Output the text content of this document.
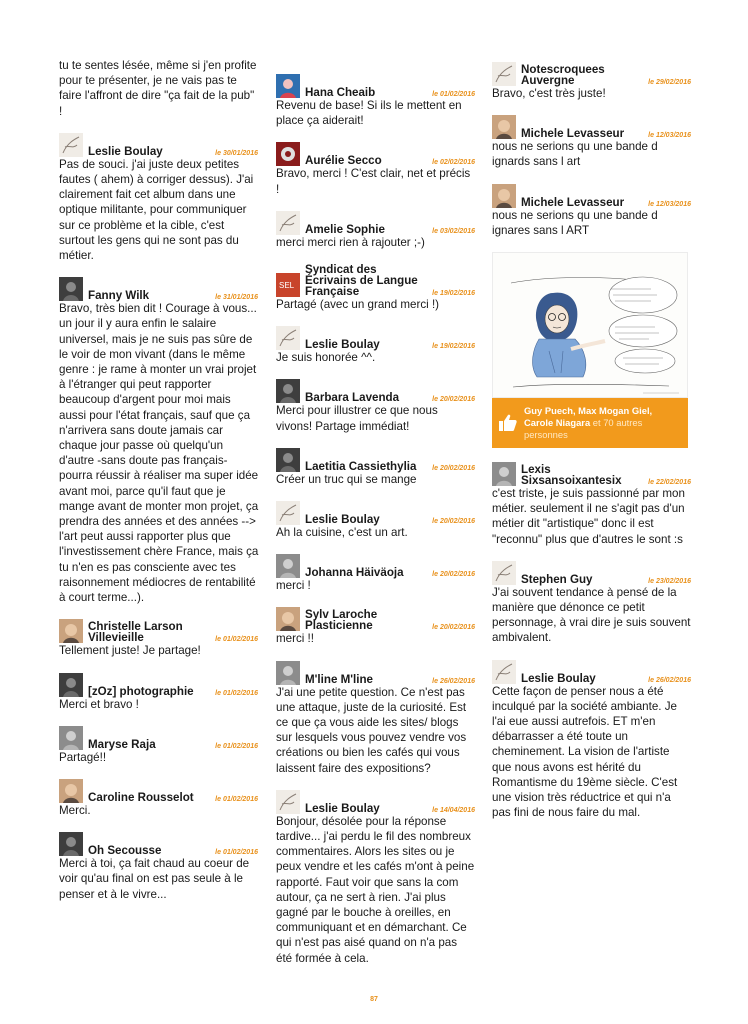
tu te sentes lésée, même si j'en profite pour te présenter, je ne vais pas te faire l'affront de dire "ça fait de la pub" !

Leslie Boulay	le 30/01/2016

Pas de souci. j'ai juste deux petites fautes ( ahem) à corriger dessus). J'ai clairement fait cet album dans une optique militante, pour communiquer sur ce problème et la cible, c'est surtout les gens qui ne sont pas du métier.

Fanny Wilk	le 31/01/2016

Bravo, très bien dit ! Courage à vous... un jour il y aura enfin le salaire universel, mais je ne suis pas sûre de le voir de mon vivant (dans le même genre : je rame à monter un vrai projet à l'étranger qui peut rapporter beaucoup d'argent pour moi mais aussi pour l'état français, sauf que ça n'arrivera sans doute jamais car chaque jour passe où quelqu'un d'autre -sans doute pas français- pourra réussir à réaliser ma super idée avant moi, parce qu'il faut que je mange avant de monter mon projet, ça prendra des années et des années --> l'art peut aussi rapporter plus que l'investissement chère France, mais ça tu n'en es pas consciente avec tes raisonnement médiocres de rentabilité à court terme...).

Christelle Larson Villevieille	le 01/02/2016

Tellement juste! Je partage!

[zOz] photographie	le 01/02/2016

Merci et bravo !

Maryse Raja	le 01/02/2016

Partagé!!

Caroline Rousselot	le 01/02/2016

Merci.

Oh Secousse	le 01/02/2016

Merci à toi, ça fait chaud au coeur de voir qu'au final on est pas seule à le penser et à le vivre...

Hana Cheaib	le 01/02/2016

Revenu de base! Si ils le mettent en place ça aiderait!

Aurélie Secco	le 02/02/2016

Bravo, merci ! C'est clair, net et précis !

Amelie Sophie	le 03/02/2016

merci merci rien à rajouter ;-)

SEL
Syndicat des Écrivains de Langue Française	le 19/02/2016

Partagé (avec un grand merci !)

Leslie Boulay	le 19/02/2016

Je suis honorée ^^.

Barbara Lavenda	le 20/02/2016

Merci pour illustrer ce que nous vivons! Partage immédiat!

Laetitia Cassiethylia	le 20/02/2016

Créer un truc qui se mange

Leslie Boulay	le 20/02/2016

Ah la cuisine, c'est un art.

Johanna Häiväoja	le 20/02/2016

merci !

Sylv Laroche Plasticienne	le 20/02/2016

merci !!

M'line M'line	le 26/02/2016

J'ai une petite question. Ce n'est pas une attaque, juste de la curiosité. Est ce que ça vous aide les sites/ blogs sur lesquels vous pouvez vendre vos créations ou bien les cafés qui vous laissent faire des expositions?

Leslie Boulay	le 14/04/2016

Bonjour, désolée pour la réponse tardive... j'ai perdu le fil des nombreux commentaires. Alors les sites ou je peux vendre et les cafés m'ont à peine rapporté. Faut voir que sans la com autour, ça ne sert à rien. J'ai plus gagné par le bouche à oreilles, en communiquant et en démarchant. Ce qui n'est pas aisé quand on n'a pas été formée à cela.

Notescroquees Auvergne	le 29/02/2016

Bravo, c'est très juste!

Michele Levasseur	le 12/03/2016

nous ne serions qu une bande d ignards sans l art

Michele Levasseur	le 12/03/2016

nous ne serions qu une bande d ignares sans l ART

Guy Puech, Max Mogan Giel, Carole Niagara et 70 autres personnes
Lexis Sixsansoixantesix	le 22/02/2016

c'est triste, je suis passionné par mon métier. seulement il ne s'agit pas d'un métier dit "artistique" donc il est "reconnu" plus que d'autres le sont :s

Stephen Guy	le 23/02/2016

J'ai souvent tendance à pensé de la manière que dénonce ce petit personnage, à vrai dire je suis souvent ambivalent.

Leslie Boulay	le 26/02/2016

Cette façon de penser nous a été inculqué par la société ambiante. Je l'ai eue aussi autrefois. ET m'en débarrasser a été toute un cheminement. La vision de l'artiste que nous avons est hérité du Romantisme du 19ème siècle. C'est une vision très réductrice et qui n'a pas fini de nous faire du mal.

87
